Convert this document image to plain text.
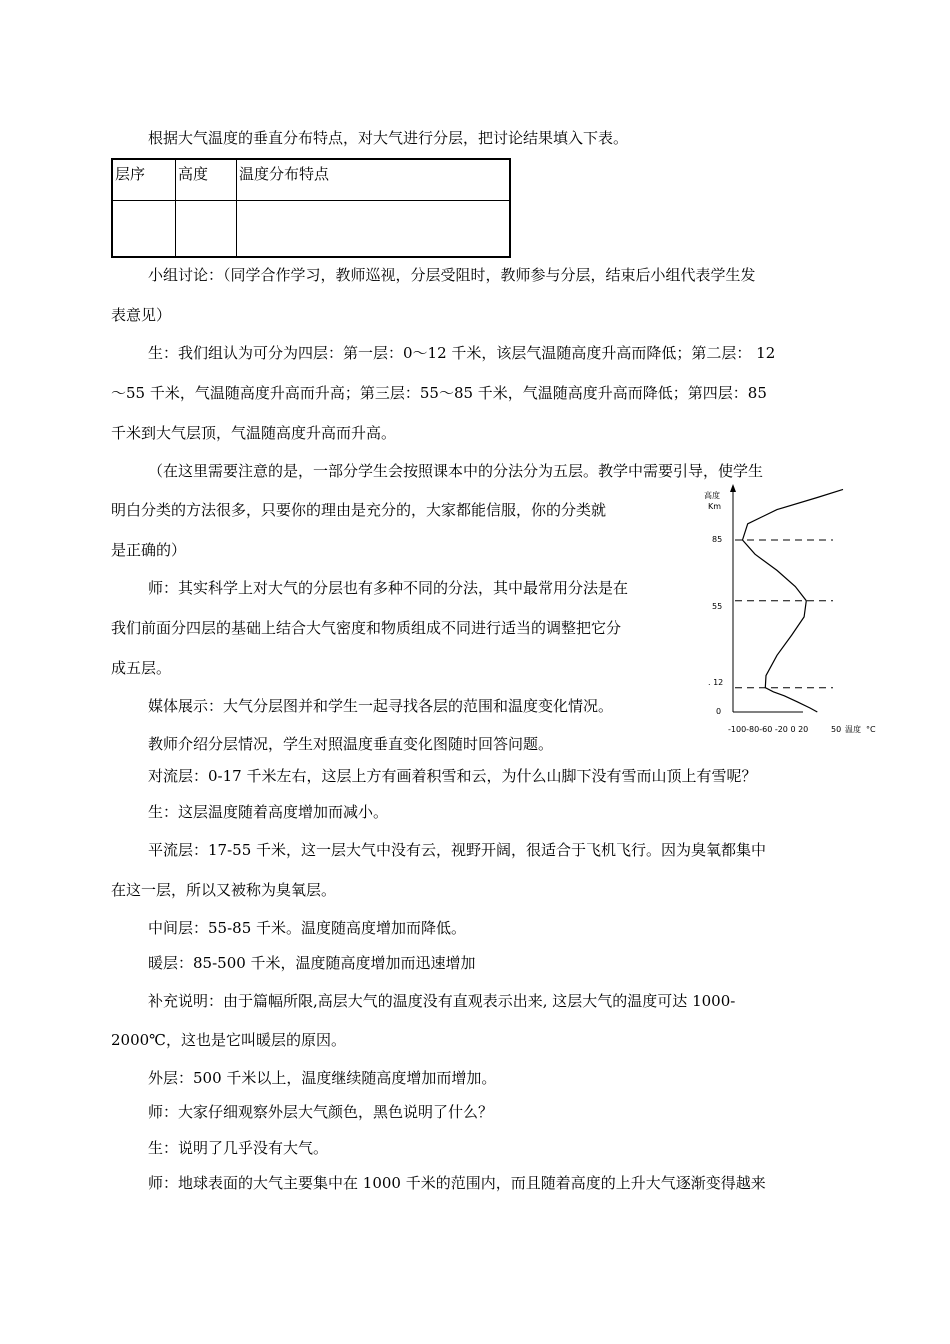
根据大气温度的垂直分布特点，对大气进行分层，把讨论结果填入下表。
层序	高度	温度分布特点

小组讨论：（同学合作学习，教师巡视，分层受阻时，教师参与分层，结束后小组代表学生发
表意见）
生：我们组认为可分为四层：第一层：0～12 千米，该层气温随高度升高而降低；第二层： 12
～55 千米，气温随高度升高而升高；第三层：55～85 千米，气温随高度升高而降低；第四层：85
千米到大气层顶，气温随高度升高而升高。
（在这里需要注意的是，一部分学生会按照课本中的分法分为五层。教学中需要引导，使学生
明白分类的方法很多，只要你的理由是充分的，大家都能信服，你的分类就
是正确的）
师：其实科学上对大气的分层也有多种不同的分法，其中最常用分法是在
我们前面分四层的基础上结合大气密度和物质组成不同进行适当的调整把它分
成五层。
媒体展示：大气分层图并和学生一起寻找各层的范围和温度变化情况。
教师介绍分层情况，学生对照温度垂直变化图随时回答问题。
对流层：0-17 千米左右，这层上方有画着积雪和云，为什么山脚下没有雪而山顶上有雪呢？
生：这层温度随着高度增加而减小。
平流层：17-55 千米，这一层大气中没有云，视野开阔，很适合于飞机飞行。因为臭氧都集中
在这一层，所以又被称为臭氧层。
中间层：55-85 千米。温度随高度增加而降低。
暖层：85-500 千米，温度随高度增加而迅速增加
补充说明：由于篇幅所限,高层大气的温度没有直观表示出来, 这层大气的温度可达 1000-
2000℃，这也是它叫暖层的原因。
外层：500 千米以上，温度继续随高度增加而增加。
师：大家仔细观察外层大气颜色，黑色说明了什么？
生：说明了几乎没有大气。
师：地球表面的大气主要集中在 1000 千米的范围内，而且随着高度的上升大气逐渐变得越来
高度
Km
85
55
. 12
0
-100-80-60 -20 0 20	50 温度 °C
